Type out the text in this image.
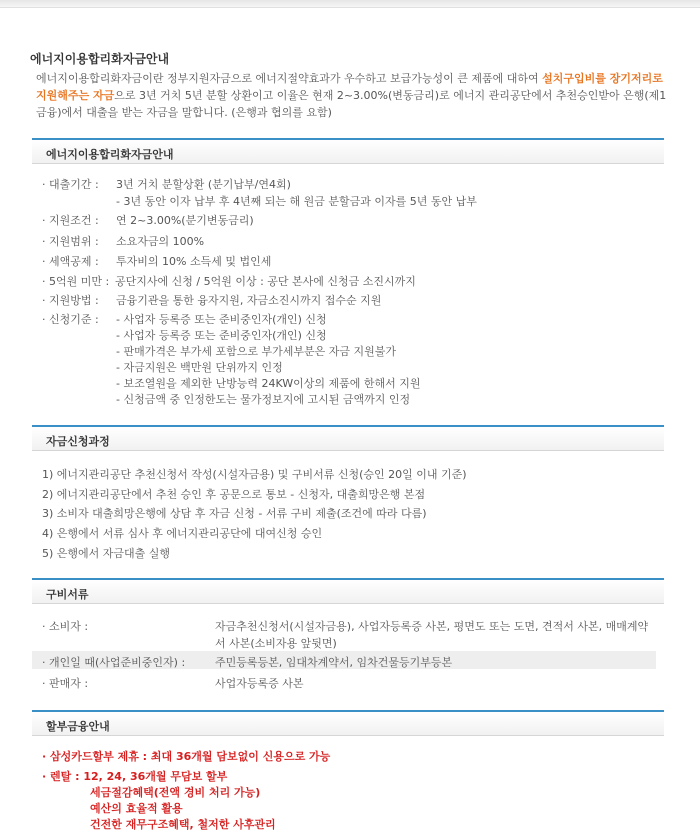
에너지이용합리화자금안내
에너지이용합리화자금이란 정부지원자금으로 에너지절약효과가 우수하고 보급가능성이 큰 제품에 대하여 설치구입비를 장기저리로 지원해주는 자금으로 3년 거치 5년 분할 상환이고 이율은 현재 2~3.00%(변동금리)로 에너지 관리공단에서 추천승인받아 은행(제1금융)에서 대출을 받는 자금을 말합니다. (은행과 협의를 요함)
에너지이용합리화자금안내
· 대출기간 : 3년 거치 분할상환 (분기납부/연4회)
- 3년 동안 이자 납부 후 4년째 되는 해 원금 분할금과 이자를 5년 동안 납부
· 지원조건 : 연 2~3.00%(분기변동금리)
· 지원범위 : 소요자금의 100%
· 세액공제 : 투자비의 10% 소득세 및 법인세
· 5억원 미만 : 공단지사에 신청 / 5억원 이상 : 공단 본사에 신청금 소진시까지
· 지원방법 : 금융기관을 통한 융자지원, 자금소진시까지 접수순 지원
· 신청기준 : - 사업자 등록증 또는 준비중인자(개인) 신청
- 사업자 등록증 또는 준비중인자(개인) 신청
- 판매가격은 부가세 포함으로 부가세부분은 자금 지원불가
- 자금지원은 백만원 단위까지 인정
- 보조열원을 제외한 난방능력 24KW이상의 제품에 한해서 지원
- 신청금액 중 인정한도는 물가정보지에 고시된 금액까지 인정
자금신청과정
1) 에너지관리공단 추천신청서 작성(시설자금용) 및 구비서류 신청(승인 20일 이내 기준)
2) 에너지관리공단에서 추천 승인 후 공문으로 통보 - 신청자, 대출희망은행 본점
3) 소비자 대출희망은행에 상담 후 자금 신청 - 서류 구비 제출(조건에 따라 다름)
4) 은행에서 서류 심사 후 에너지관리공단에 대여신청 승인
5) 은행에서 자금대출 실행
구비서류
· 소비자 :	자금추천신청서(시설자금용), 사업자등록증 사본, 평면도 또는 도면, 견적서 사본, 매매계약서 사본(소비자용 앞뒷면)
· 개인일 때(사업준비중인자) :	주민등록등본, 임대차계약서, 임차건물등기부등본
· 판매자 :	사업자등록증 사본
할부금융안내
· 삼성카드할부 제휴 : 최대 36개월 담보없이 신용으로 가능
· 렌탈 : 12, 24, 36개월 무담보 할부
세금절감혜택(전액 경비 처리 가능)
예산의 효율적 활용
건전한 재무구조혜택, 철저한 사후관리
